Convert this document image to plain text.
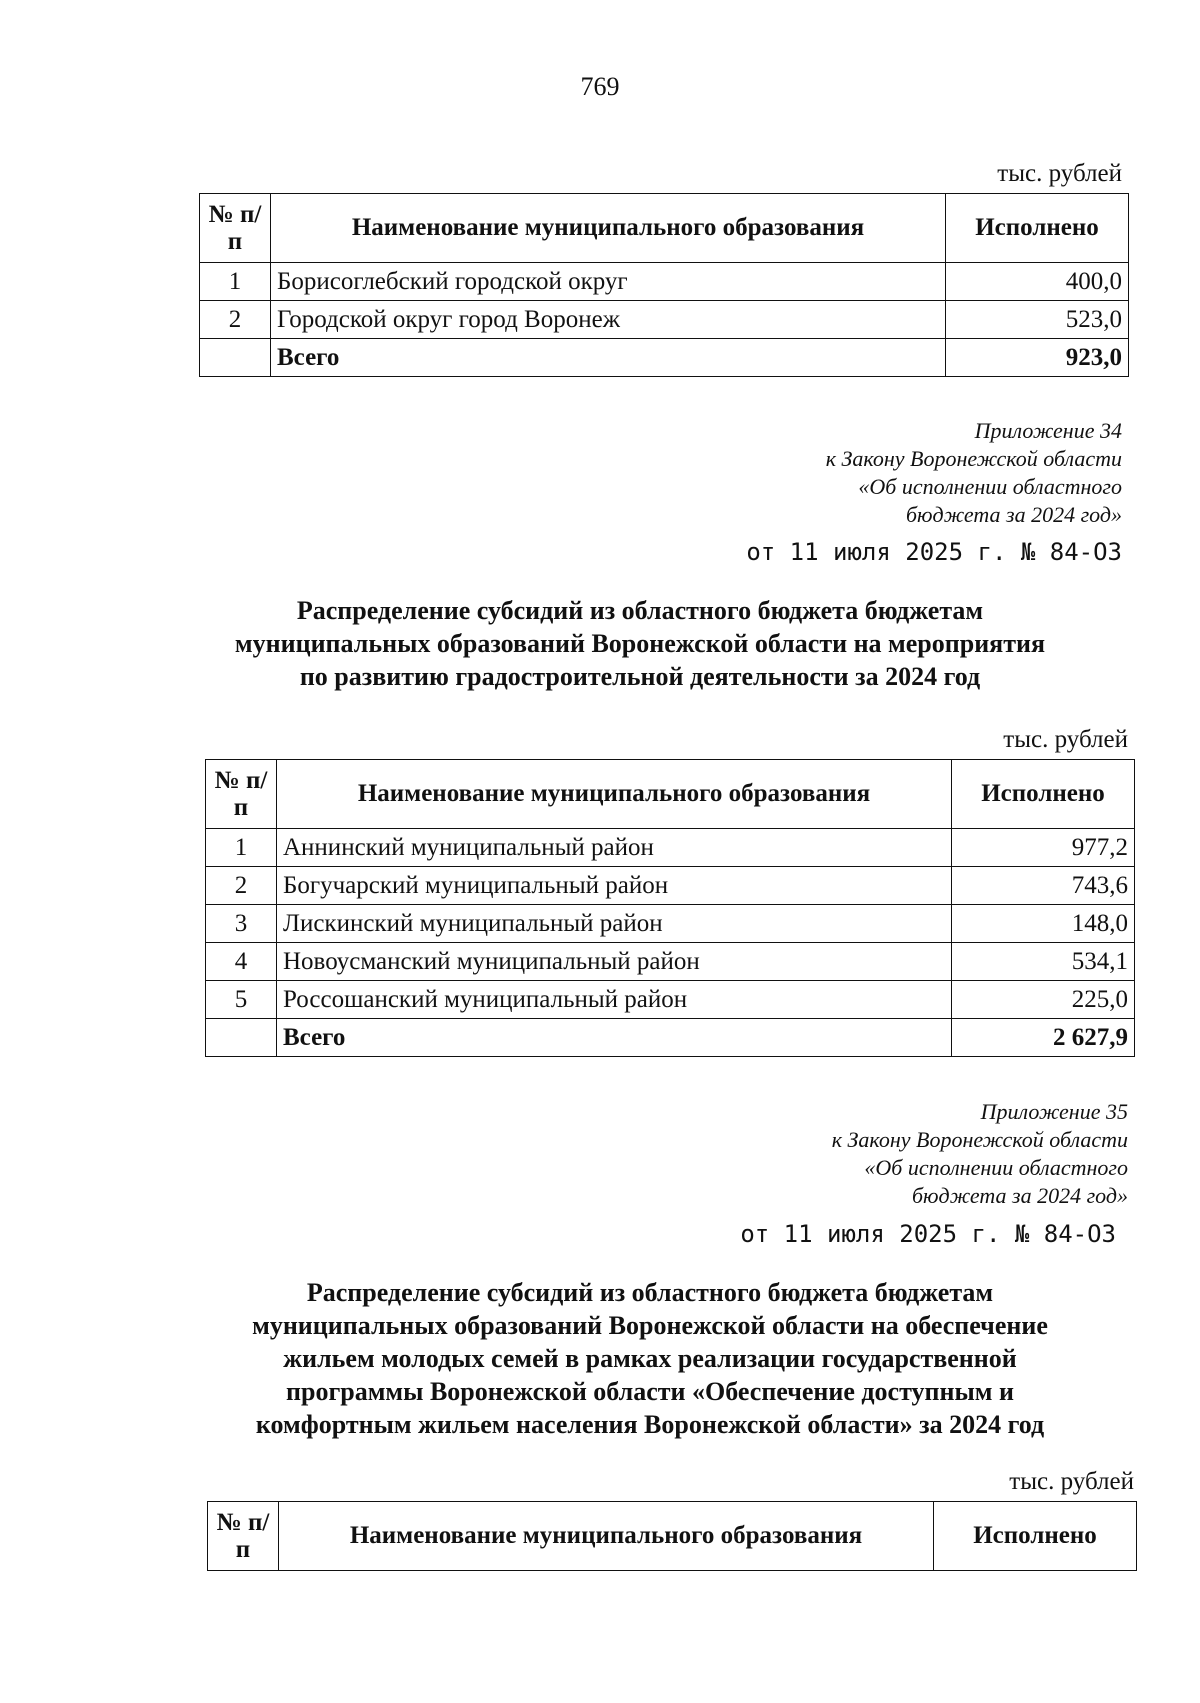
769
тыс. рублей
№ п/п	Наименование муниципального образования	Исполнено
1	Борисоглебский городской округ	400,0
2	Городской округ город Воронеж	523,0
	Всего	923,0
Приложение 34
к Закону Воронежской области
«Об исполнении областного
бюджета за 2024 год»
от 11 июля 2025 г. № 84-ОЗ
Распределение субсидий из областного бюджета бюджетам
муниципальных образований Воронежской области на мероприятия
по развитию градостроительной деятельности за 2024 год
тыс. рублей
№ п/п	Наименование муниципального образования	Исполнено
1	Аннинский муниципальный район	977,2
2	Богучарский муниципальный район	743,6
3	Лискинский муниципальный район	148,0
4	Новоусманский муниципальный район	534,1
5	Россошанский муниципальный район	225,0
	Всего	2 627,9
Приложение 35
к Закону Воронежской области
«Об исполнении областного
бюджета за 2024 год»
от 11 июля 2025 г. № 84-ОЗ
Распределение субсидий из областного бюджета бюджетам
муниципальных образований Воронежской области на обеспечение
жильем молодых семей в рамках реализации государственной
программы Воронежской области «Обеспечение доступным и
комфортным жильем населения Воронежской области» за 2024 год
тыс. рублей
№ п/п	Наименование муниципального образования	Исполнено
